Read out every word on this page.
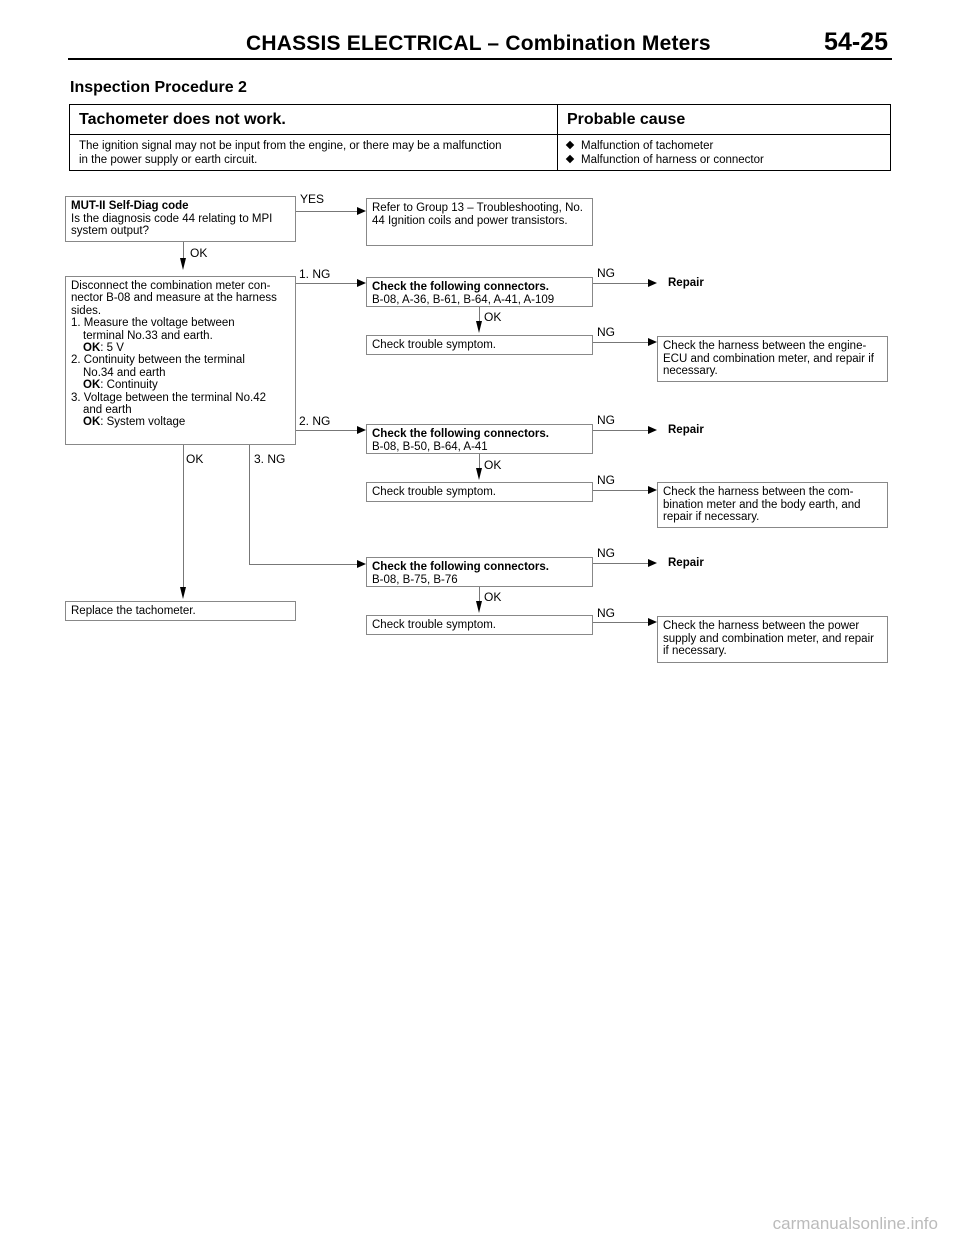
CHASSIS ELECTRICAL – Combination Meters	54-25
Inspection Procedure 2
Tachometer does not work.	Probable cause
The ignition signal may not be input from the engine, or there may be a malfunction
in the power supply or earth circuit.
Malfunction of tachometer
Malfunction of harness or connector
MUT-II Self-Diag code
Is the diagnosis code 44 relating to MPI system output?
YES
Refer to Group 13 – Troubleshooting, No. 44 Ignition coils and power transistors.
OK
Disconnect the combination meter con- nector B-08 and measure at the harness sides.
1. Measure the voltage between

terminal No.33 and earth.
OK: 5 V
2. Continuity between the terminal

No.34 and earth
OK: Continuity
3. Voltage between the terminal No.42

and earth
OK: System voltage
1. NG
Check the following connectors.
B-08, A-36, B-61, B-64, A-41, A-109
NG
Repair
OK
Check trouble symptom.
NG
Check the harness between the engine- ECU and combination meter, and repair if necessary.
2. NG
Check the following connectors.
B-08, B-50, B-64, A-41
NG
Repair
OK
Check trouble symptom.
NG
Check the harness between the com- bination meter and the body earth, and repair if necessary.
OK	3. NG
Check the following connectors.
B-08, B-75, B-76
NG
Repair
OK
Replace the tachometer.
Check trouble symptom.
NG
Check the harness between the power supply and combination meter, and repair if necessary.
carmanualsonline.info
